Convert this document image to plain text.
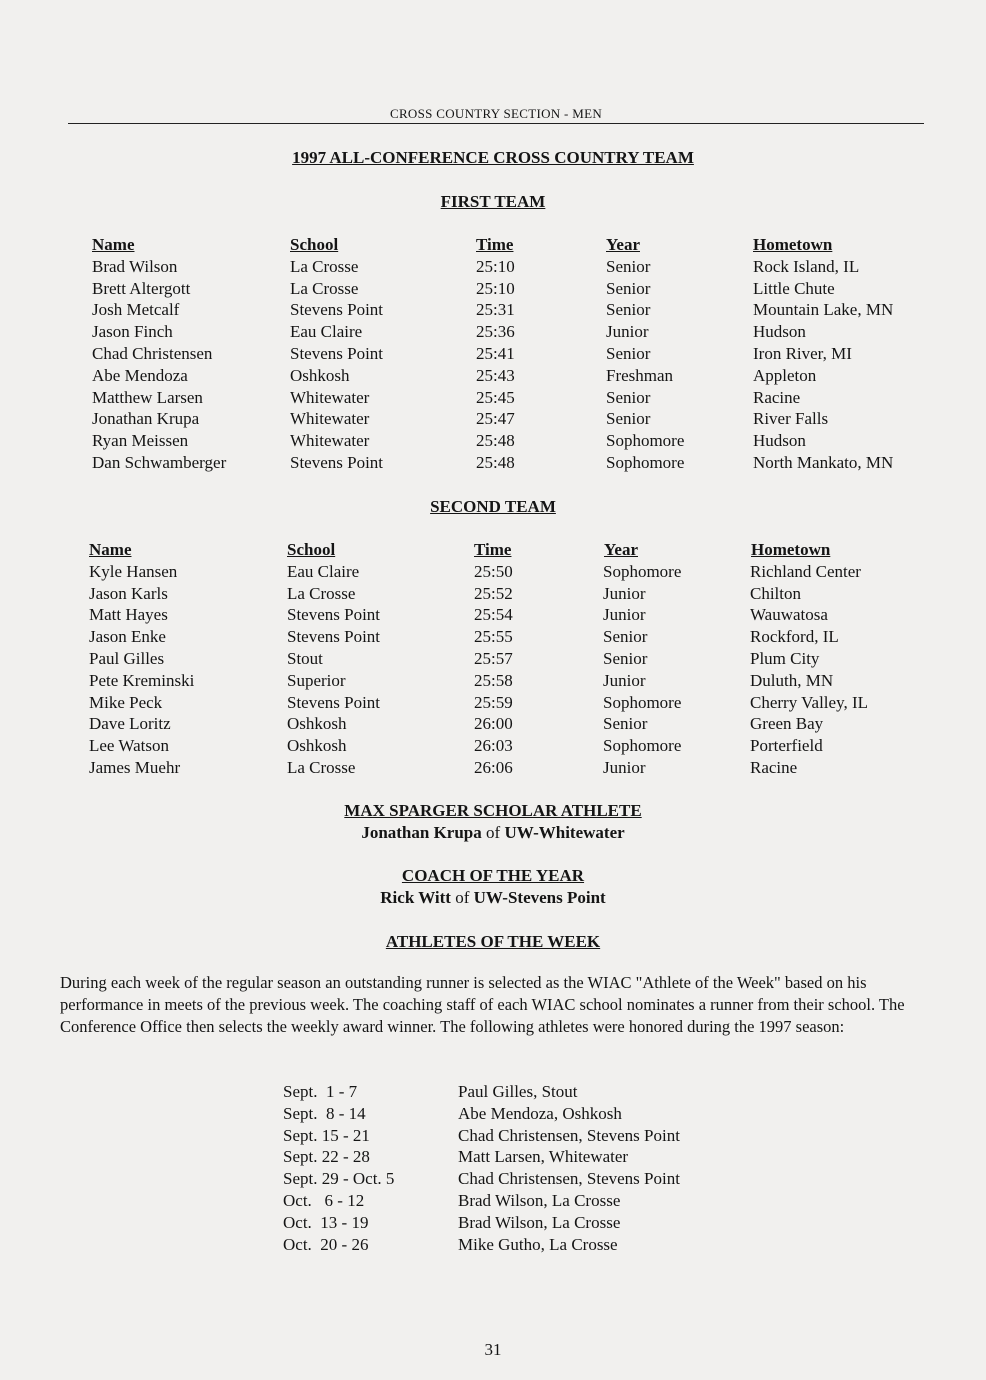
CROSS COUNTRY SECTION - MEN
1997 ALL-CONFERENCE CROSS COUNTRY TEAM
FIRST TEAM
Name	School	Time	Year	Hometown
Brad Wilson	La Crosse	25:10	Senior	Rock Island, IL
Brett Altergott	La Crosse	25:10	Senior	Little Chute
Josh Metcalf	Stevens Point	25:31	Senior	Mountain Lake, MN
Jason Finch	Eau Claire	25:36	Junior	Hudson
Chad Christensen	Stevens Point	25:41	Senior	Iron River, MI
Abe Mendoza	Oshkosh	25:43	Freshman	Appleton
Matthew Larsen	Whitewater	25:45	Senior	Racine
Jonathan Krupa	Whitewater	25:47	Senior	River Falls
Ryan Meissen	Whitewater	25:48	Sophomore	Hudson
Dan Schwamberger	Stevens Point	25:48	Sophomore	North Mankato, MN
SECOND TEAM
Name	School	Time	Year	Hometown
Kyle Hansen	Eau Claire	25:50	Sophomore	Richland Center
Jason Karls	La Crosse	25:52	Junior	Chilton
Matt Hayes	Stevens Point	25:54	Junior	Wauwatosa
Jason Enke	Stevens Point	25:55	Senior	Rockford, IL
Paul Gilles	Stout	25:57	Senior	Plum City
Pete Kreminski	Superior	25:58	Junior	Duluth, MN
Mike Peck	Stevens Point	25:59	Sophomore	Cherry Valley, IL
Dave Loritz	Oshkosh	26:00	Senior	Green Bay
Lee Watson	Oshkosh	26:03	Sophomore	Porterfield
James Muehr	La Crosse	26:06	Junior	Racine
MAX SPARGER SCHOLAR ATHLETE
Jonathan Krupa of UW-Whitewater
COACH OF THE YEAR
Rick Witt of UW-Stevens Point
ATHLETES OF THE WEEK

During each week of the regular season an outstanding runner is selected as the WIAC "Athlete of the Week" based on his performance in meets of the previous week. The coaching staff of each WIAC school nominates a runner from their school. The Conference Office then selects the weekly award winner. The following athletes were honored during the 1997 season:

Sept.  1 - 7	Paul Gilles, Stout
Sept.  8 - 14	Abe Mendoza, Oshkosh
Sept. 15 - 21	Chad Christensen, Stevens Point
Sept. 22 - 28	Matt Larsen, Whitewater
Sept. 29 - Oct. 5	Chad Christensen, Stevens Point
Oct.   6 - 12	Brad Wilson, La Crosse
Oct.  13 - 19	Brad Wilson, La Crosse
Oct.  20 - 26	Mike Gutho, La Crosse
31
